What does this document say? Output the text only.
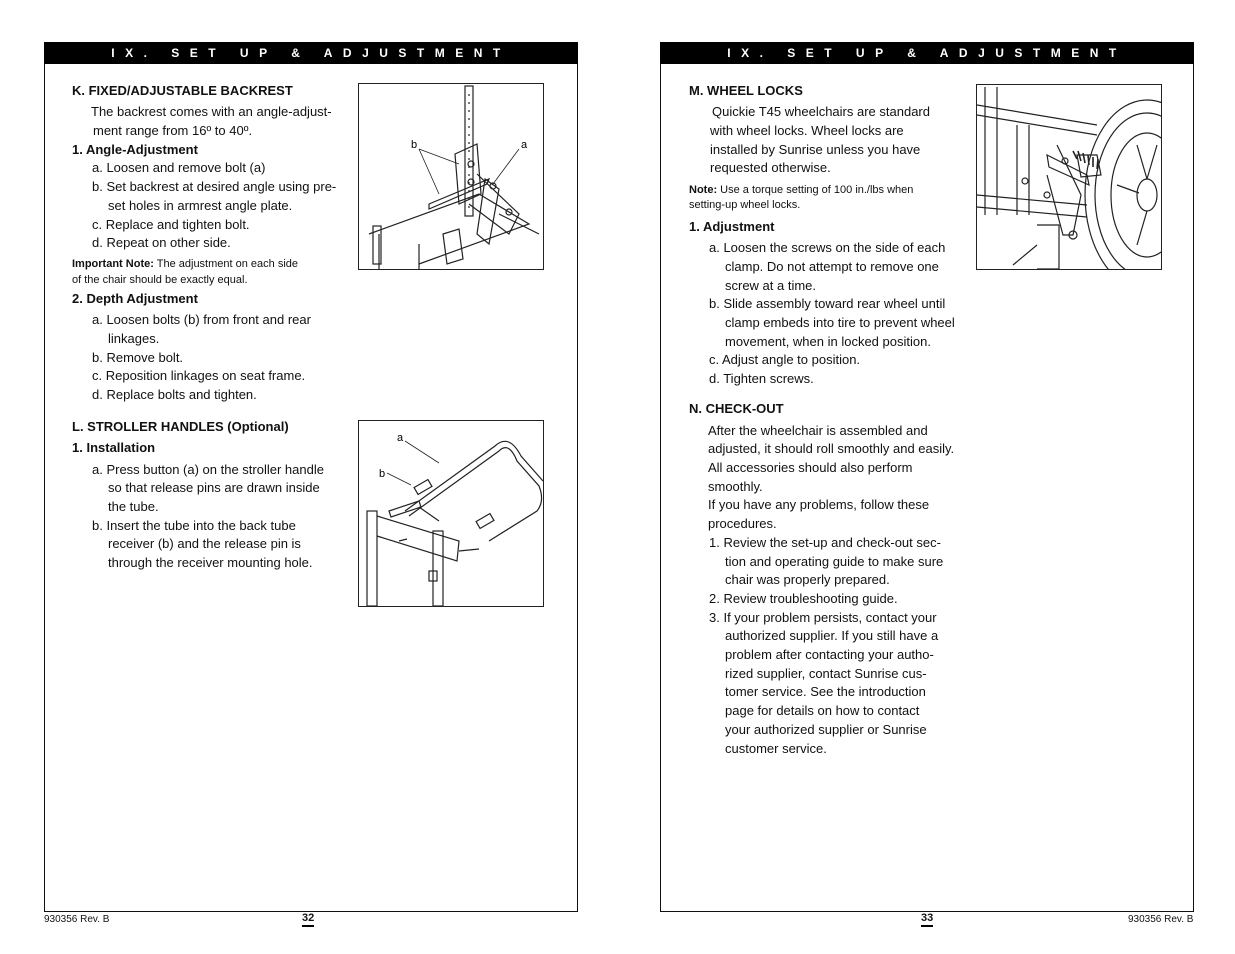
IX. SET UP & ADJUSTMENT
K. FIXED/ADJUSTABLE BACKREST
The backrest comes with an angle-adjust-
ment range from 16º to 40º.
1. Angle-Adjustment
a. Loosen and remove bolt (a)
b. Set backrest at desired angle using pre-
set holes in armrest angle plate.
c. Replace and tighten bolt.
d. Repeat on other side.
Important Note: The adjustment on each side
of the chair should be exactly equal.
2. Depth Adjustment
a. Loosen bolts (b) from front and rear
linkages.
b. Remove bolt.
c. Reposition linkages on seat frame.
d. Replace bolts and tighten.
L. STROLLER HANDLES (Optional)
1. Installation
a. Press button (a) on the stroller handle
so that release pins are drawn inside
the tube.
b. Insert the tube into the back tube
receiver (b) and the release pin is
through the receiver mounting hole.
b	a
a
b
930356 Rev. B	32
IX. SET UP & ADJUSTMENT
M. WHEEL LOCKS
Quickie T45 wheelchairs are standard
with wheel locks. Wheel locks are
installed by Sunrise unless you have
requested otherwise.
Note: Use a torque setting of 100 in./lbs when
setting-up wheel locks.
1. Adjustment
a. Loosen the screws on the side of each
clamp. Do not attempt to remove one
screw at a time.
b. Slide assembly toward rear wheel until
clamp embeds into tire to prevent wheel
movement, when in locked position.
c. Adjust angle to position.
d. Tighten screws.
N. CHECK-OUT
After the wheelchair is assembled and
adjusted, it should roll smoothly and easily.
All accessories should also perform
smoothly.
If you have any problems, follow these
procedures.
1. Review the set-up and check-out sec-
tion and operating guide to make sure
chair was properly prepared.
2. Review troubleshooting guide.
3. If your problem persists, contact your
authorized supplier. If you still have a
problem after contacting your autho-
rized supplier, contact Sunrise cus-
tomer service. See the introduction
page for details on how to contact
your authorized supplier or Sunrise
customer service.
33	930356 Rev. B
